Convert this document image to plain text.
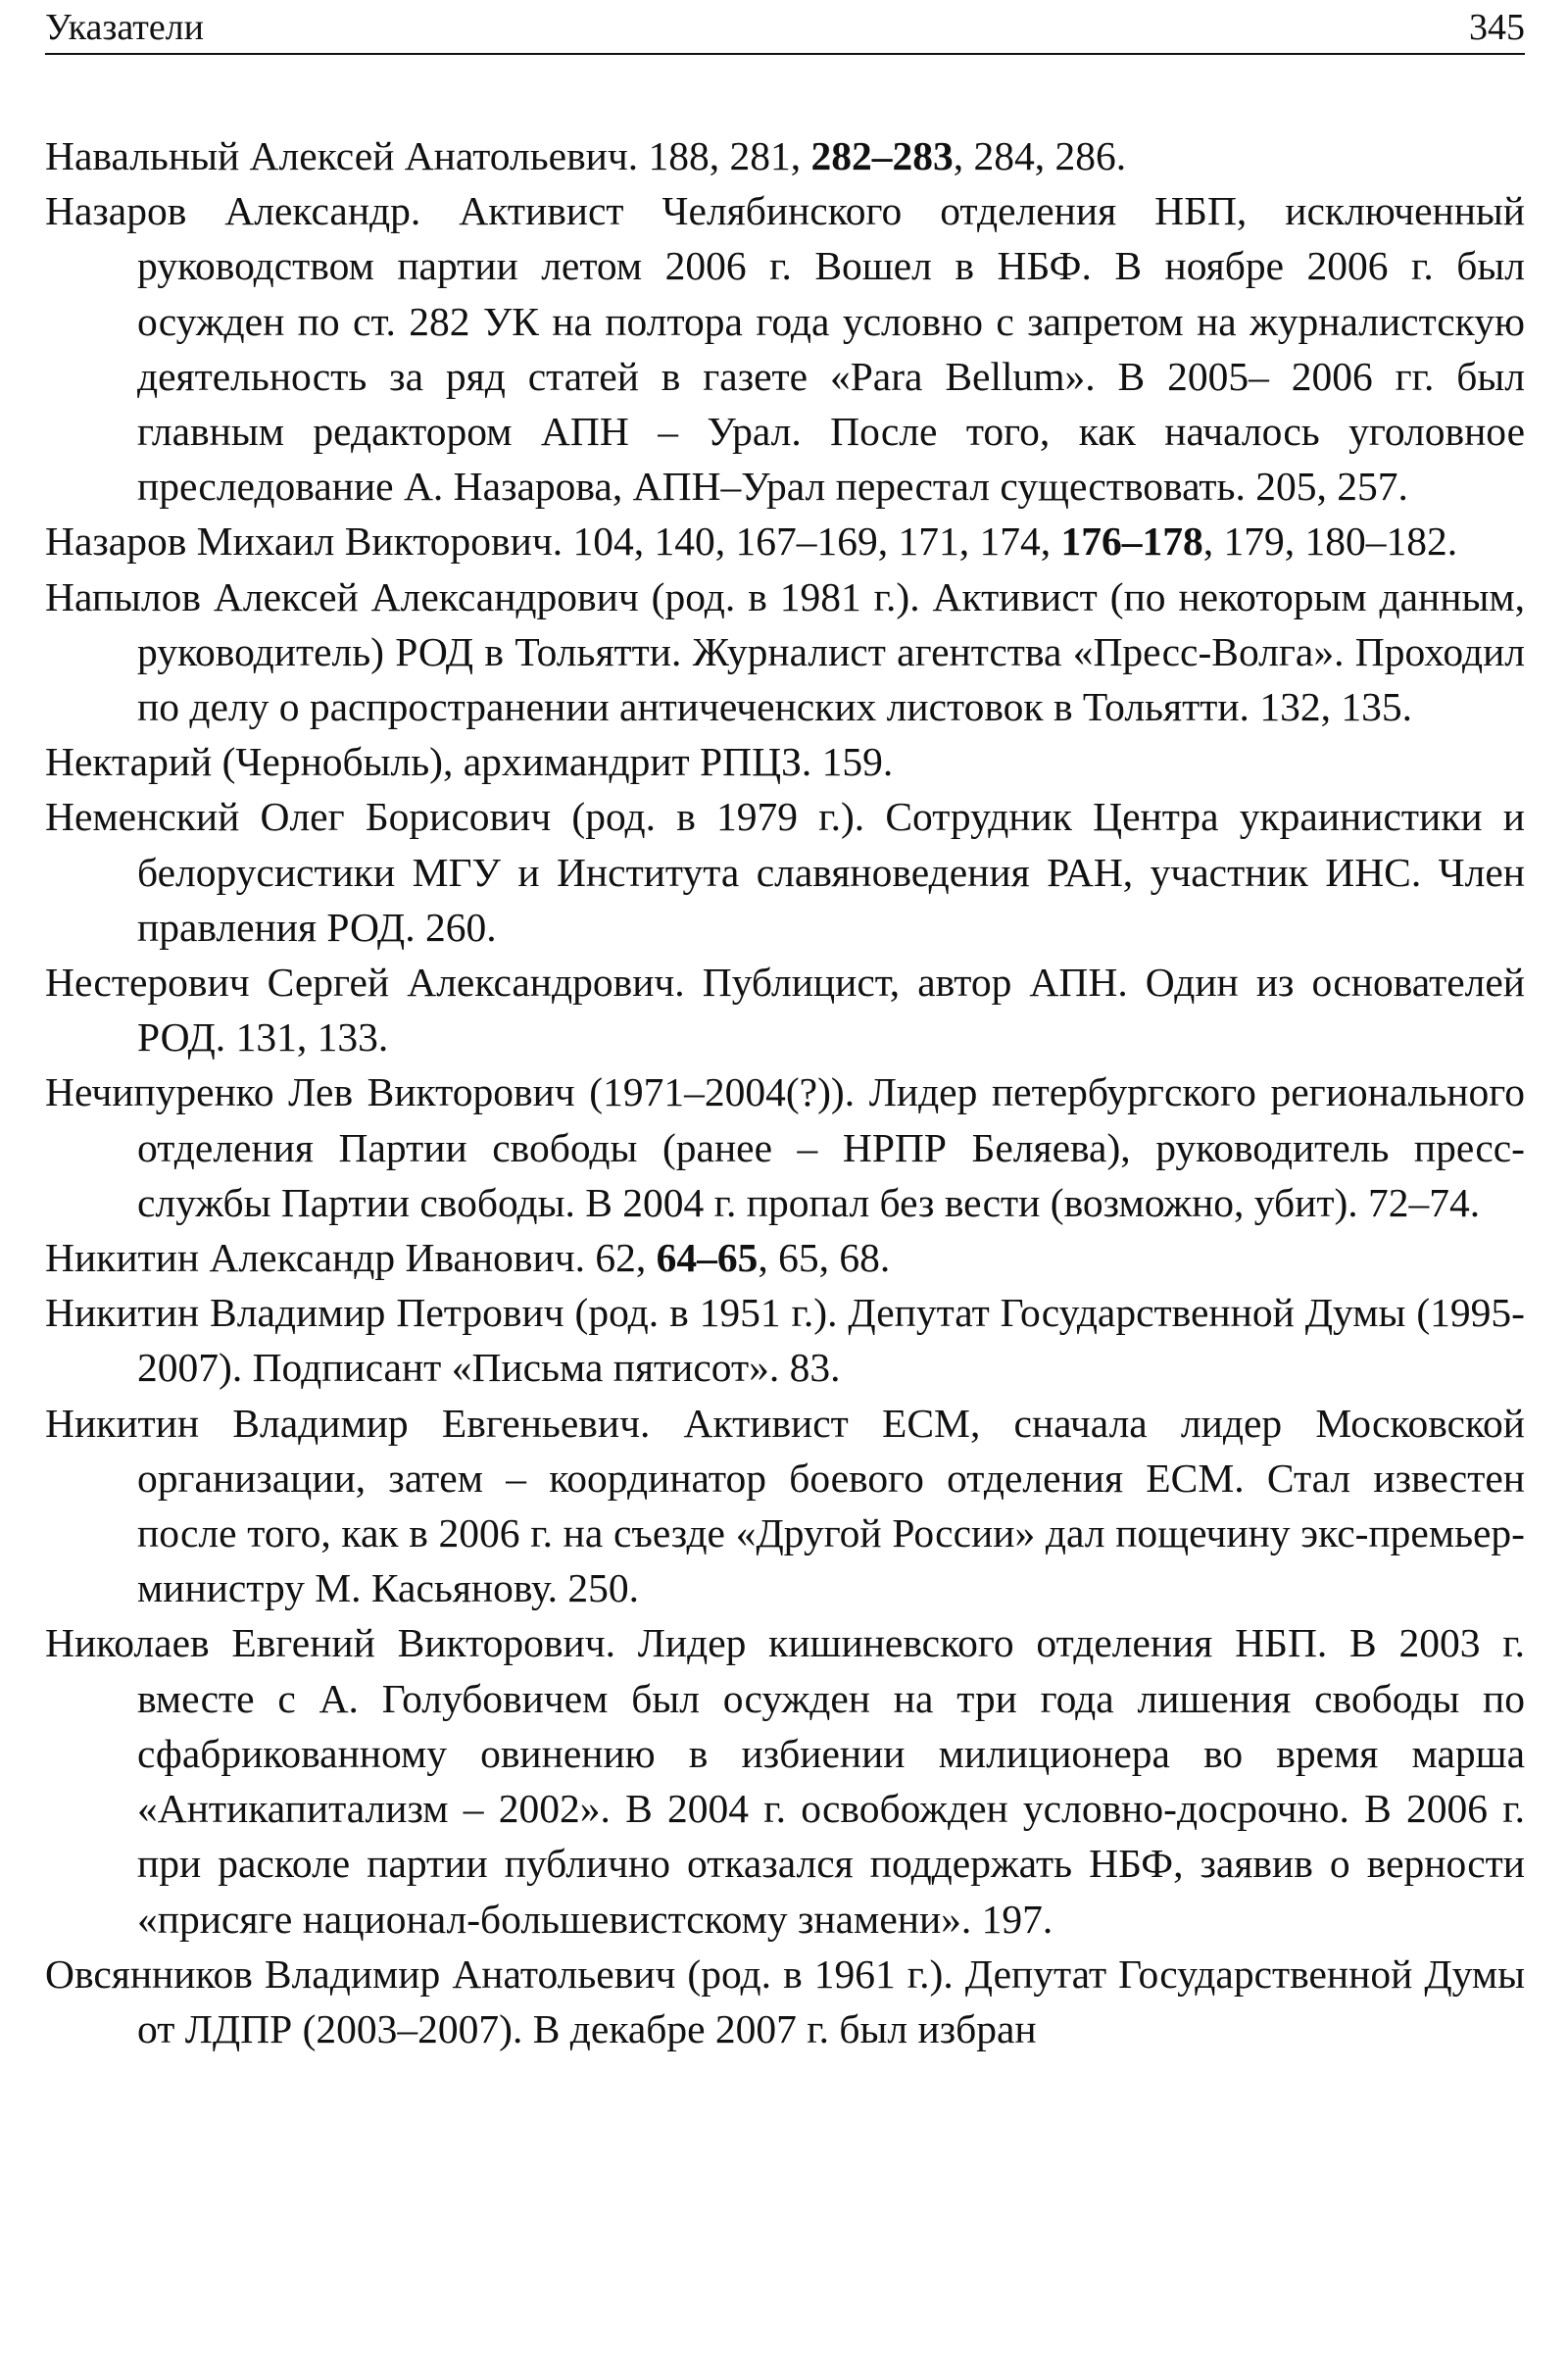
Указатели	345

Навальный Алексей Анатольевич. 188, 281, 282–283, 284, 286.

Назаров Александр. Активист Челябинского отделения НБП, исключенный руководством партии летом 2006 г. Вошел в НБФ. В ноябре 2006 г. был осужден по ст. 282 УК на полтора года условно с запретом на журналистскую деятельность за ряд статей в газете «Para Bellum». В 2005– 2006 гг. был главным редактором АПН – Урал. После того, как началось уголовное преследование А. Назарова, АПН–Урал перестал существовать. 205, 257.

Назаров Михаил Викторович. 104, 140, 167–169, 171, 174, 176–178, 179, 180–182.

Напылов Алексей Александрович (род. в 1981 г.). Активист (по некоторым данным, руководитель) РОД в Тольятти. Журналист агентства «Пресс-Волга». Проходил по делу о распространении античеченских листовок в Тольятти. 132, 135.

Нектарий (Чернобыль), архимандрит РПЦЗ. 159.

Неменский Олег Борисович (род. в 1979 г.). Сотрудник Центра украинистики и белорусистики МГУ и Института славяноведения РАН, участник ИНС. Член правления РОД. 260.

Нестерович Сергей Александрович. Публицист, автор АПН. Один из основателей РОД. 131, 133.

Нечипуренко Лев Викторович (1971–2004(?)). Лидер петербургского регионального отделения Партии свободы (ранее – НРПР Беляева), руководитель пресс-службы Партии свободы. В 2004 г. пропал без вести (возможно, убит). 72–74.

Никитин Александр Иванович. 62, 64–65, 65, 68.

Никитин Владимир Петрович (род. в 1951 г.). Депутат Государственной Думы (1995-2007). Подписант «Письма пятисот». 83.

Никитин Владимир Евгеньевич. Активист ЕСМ, сначала лидер Московской организации, затем – координатор боевого отделения ЕСМ. Стал известен после того, как в 2006 г. на съезде «Другой России» дал пощечину экс-премьер-министру М. Касьянову. 250.

Николаев Евгений Викторович. Лидер кишиневского отделения НБП. В 2003 г. вместе с А. Голубовичем был осужден на три года лишения свободы по сфабрикованному овинению в избиении милиционера во время марша «Антикапитализм – 2002». В 2004 г. освобожден условно-досрочно. В 2006 г. при расколе партии публично отказался поддержать НБФ, заявив о верности «присяге национал-большевистскому знамени». 197.

Овсянников Владимир Анатольевич (род. в 1961 г.). Депутат Государственной Думы от ЛДПР (2003–2007). В декабре 2007 г. был избран
